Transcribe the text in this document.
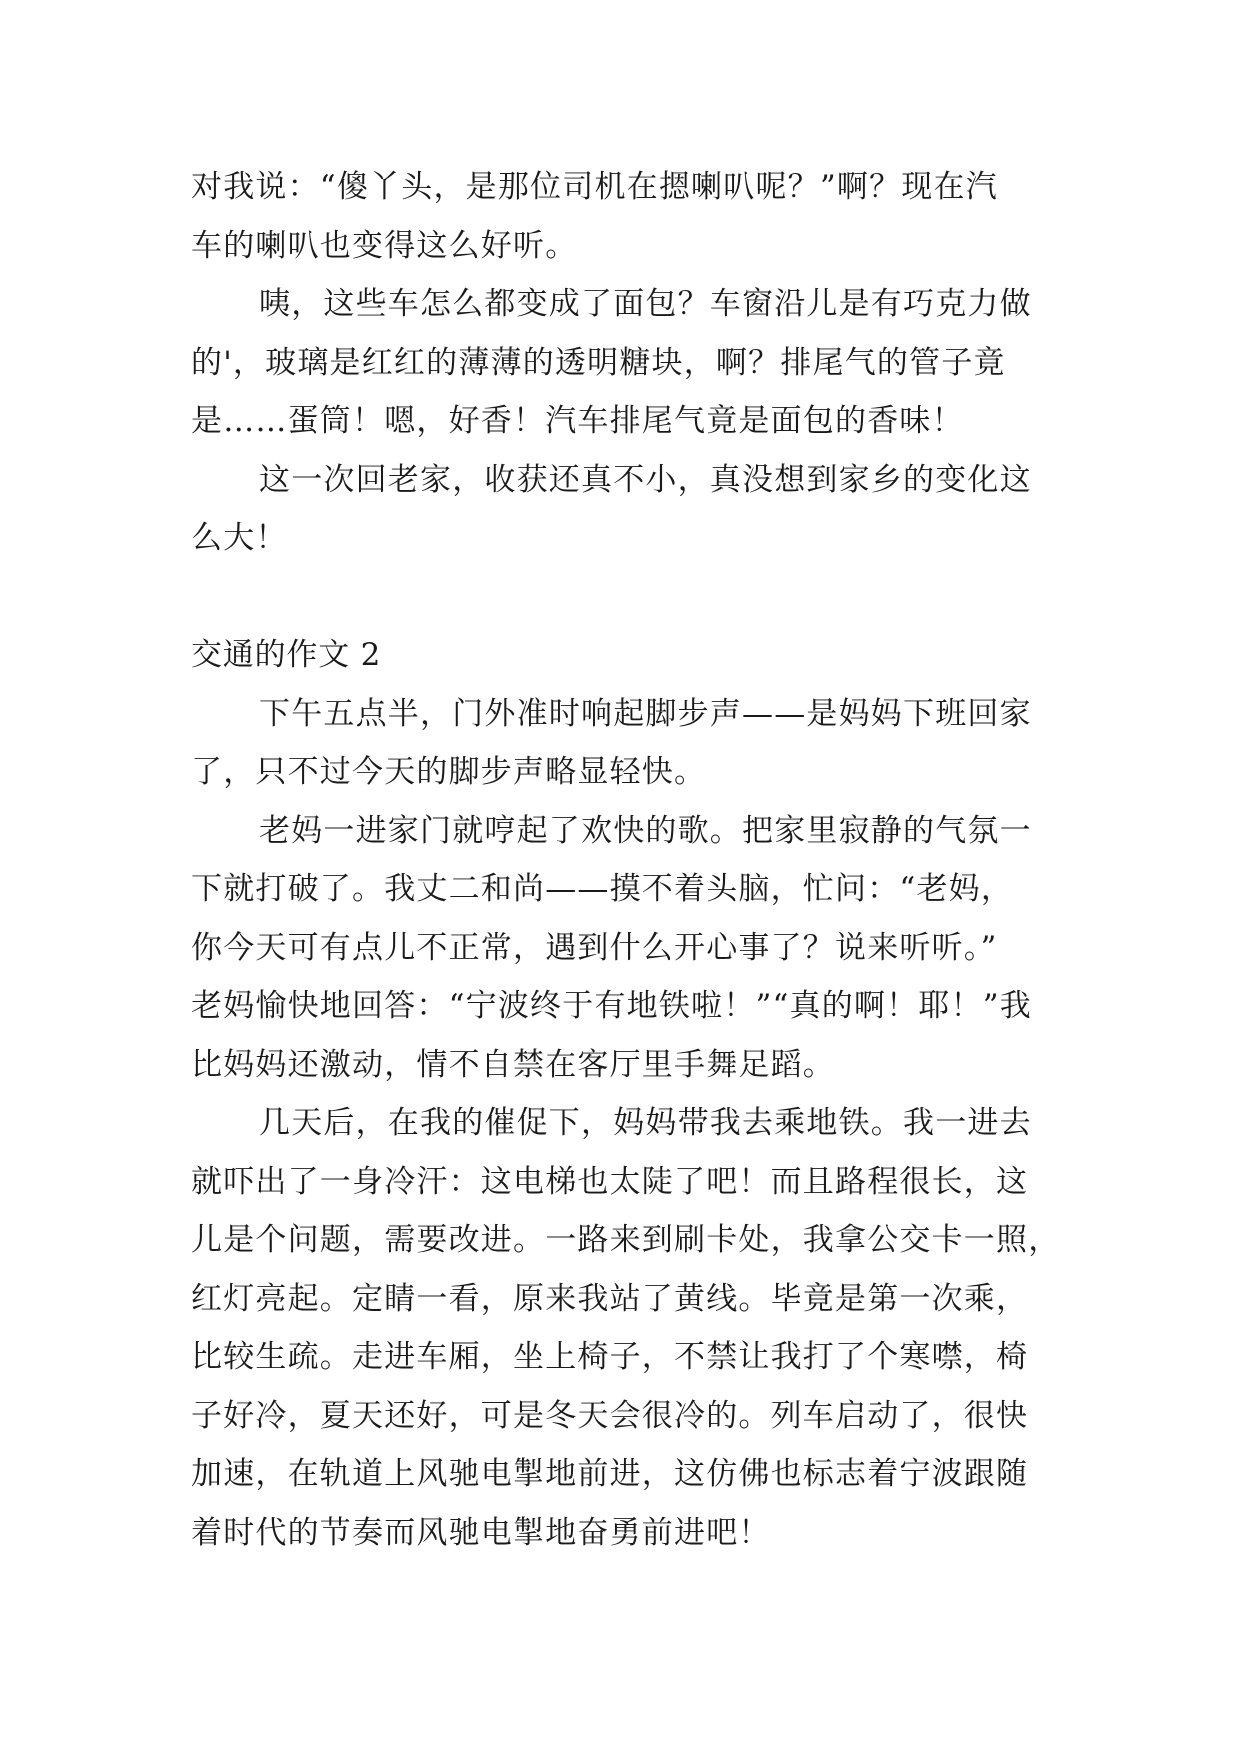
对我说：“傻丫头，是那位司机在摁喇叭呢？”啊？现在汽
车的喇叭也变得这么好听。
咦，这些车怎么都变成了面包？车窗沿儿是有巧克力做
的'，玻璃是红红的薄薄的透明糖块，啊？排尾气的管子竟
是……蛋筒！嗯，好香！汽车排尾气竟是面包的香味！
这一次回老家，收获还真不小，真没想到家乡的变化这
么大！
交通的作文 2
下午五点半，门外准时响起脚步声——是妈妈下班回家
了，只不过今天的脚步声略显轻快。
老妈一进家门就哼起了欢快的歌。把家里寂静的气氛一
下就打破了。我丈二和尚——摸不着头脑，忙问：“老妈，
你今天可有点儿不正常，遇到什么开心事了？说来听听。”
老妈愉快地回答：“宁波终于有地铁啦！”“真的啊！耶！”我
比妈妈还激动，情不自禁在客厅里手舞足蹈。
几天后，在我的催促下，妈妈带我去乘地铁。我一进去
就吓出了一身冷汗：这电梯也太陡了吧！而且路程很长，这
儿是个问题，需要改进。一路来到刷卡处，我拿公交卡一照，
红灯亮起。定睛一看，原来我站了黄线。毕竟是第一次乘，
比较生疏。走进车厢，坐上椅子，不禁让我打了个寒噤，椅
子好冷，夏天还好，可是冬天会很冷的。列车启动了，很快
加速，在轨道上风驰电掣地前进，这仿佛也标志着宁波跟随
着时代的节奏而风驰电掣地奋勇前进吧！
